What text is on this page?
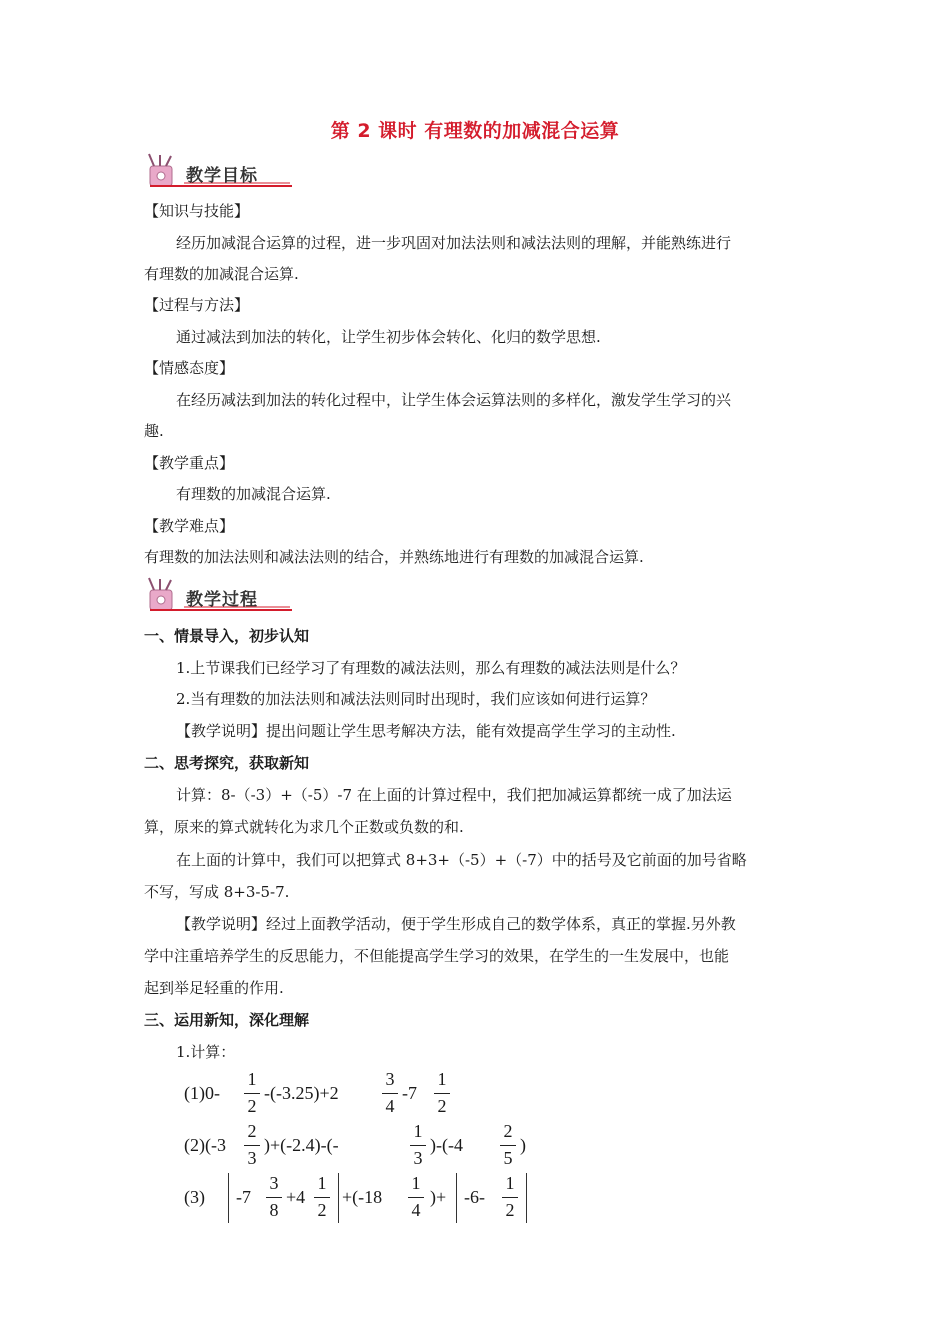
第 2 课时 有理数的加减混合运算
教学目标
【知识与技能】
经历加减混合运算的过程，进一步巩固对加法法则和减法法则的理解，并能熟练进行
有理数的加减混合运算.
【过程与方法】
通过减法到加法的转化，让学生初步体会转化、化归的数学思想.
【情感态度】
在经历减法到加法的转化过程中，让学生体会运算法则的多样化，激发学生学习的兴
趣.
【教学重点】
有理数的加减混合运算.
【教学难点】
有理数的加法法则和减法法则的结合，并熟练地进行有理数的加减混合运算.
教学过程
一、情景导入，初步认知
1.上节课我们已经学习了有理数的减法法则，那么有理数的减法法则是什么？
2.当有理数的加法法则和减法法则同时出现时，我们应该如何进行运算？
【教学说明】提出问题让学生思考解决方法，能有效提高学生学习的主动性.
二、思考探究，获取新知
计算：8-（-3）+（-5）-7 在上面的计算过程中，我们把加减运算都统一成了加法运
算，原来的算式就转化为求几个正数或负数的和.
在上面的计算中，我们可以把算式 8+3+（-5）+（-7）中的括号及它前面的加号省略
不写，写成 8+3-5-7.
【教学说明】经过上面教学活动，便于学生形成自己的数学体系，真正的掌握.另外教
学中注重培养学生的反思能力，不但能提高学生学习的效果，在学生的一生发展中，也能
起到举足轻重的作用.
三、运用新知，深化理解
1.计算：
(1)0-
1
2
-(-3.25)+2
3
4
-7
1
2
(2)(-3
2
3
)+(-2.4)-(-
1
3
)-(-4
2
5
)
(3) -7
3
8
+4
1
2
+(-18
1
4
)+ -6-
1
2
